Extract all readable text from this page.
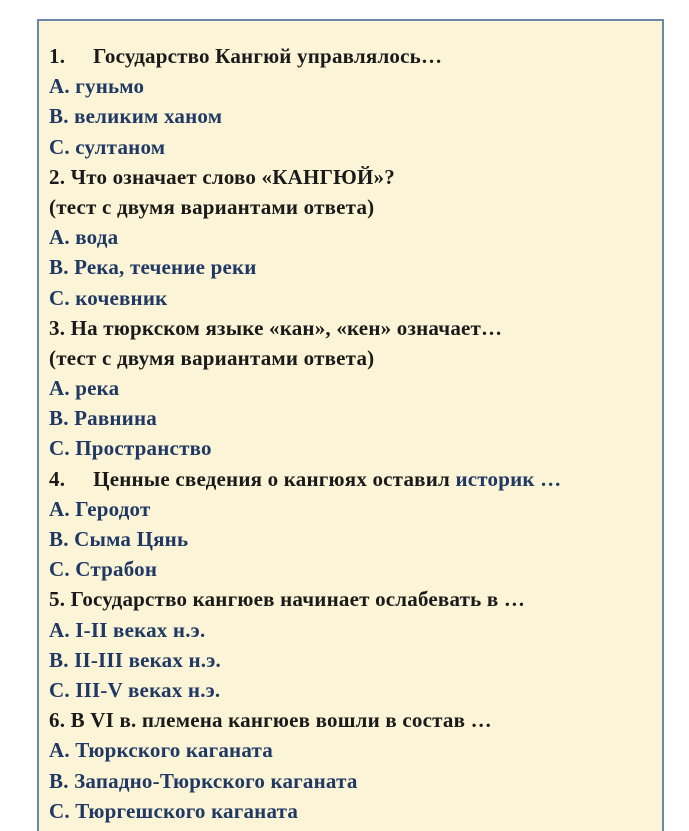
1. Государство Кангюй управлялось…
А. гуньмо
В. великим ханом
С. султаном
2. Что означает слово «КАНГЮЙ»?
(тест с двумя вариантами ответа)
А. вода
В. Река, течение реки
С. кочевник
3. На тюркском языке «кан», «кен» означает…
(тест с двумя вариантами ответа)
А. река
В. Равнина
С. Пространство
4. Ценные сведения о кангюях оставил историк …
А. Геродот
В. Сыма Цянь
С. Страбон
5. Государство кангюев начинает ослабевать в …
А. I-II веках н.э.
В. II-III веках н.э.
С. III-V веках н.э.
6. В VI в. племена кангюев вошли в состав …
А. Тюркского каганата
В. Западно-Тюркского каганата
С. Тюргешского каганата
